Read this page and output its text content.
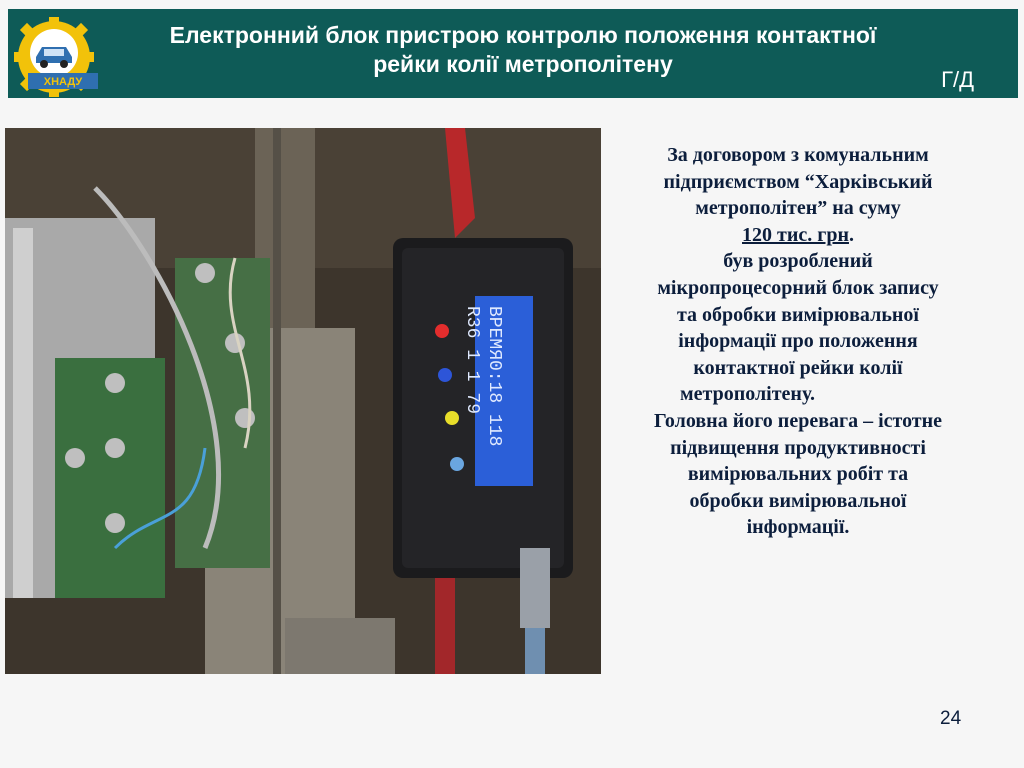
ХНАДУ
Електронний блок пристрою контролю положення контактної
рейки колії метрополітену
Г/Д
ВРЕМЯ0:18 118
R36 1 1 79
За договором з комунальним
підприємством “Харківський
метрополітен” на суму
120 тис. грн.
був розроблений
мікропроцесорний блок запису
та обробки вимірювальної
інформації про положення
контактної рейки колії
метрополітену.
Головна його перевага – істотне
підвищення продуктивності
вимірювальних робіт та
обробки вимірювальної
інформації.
24
